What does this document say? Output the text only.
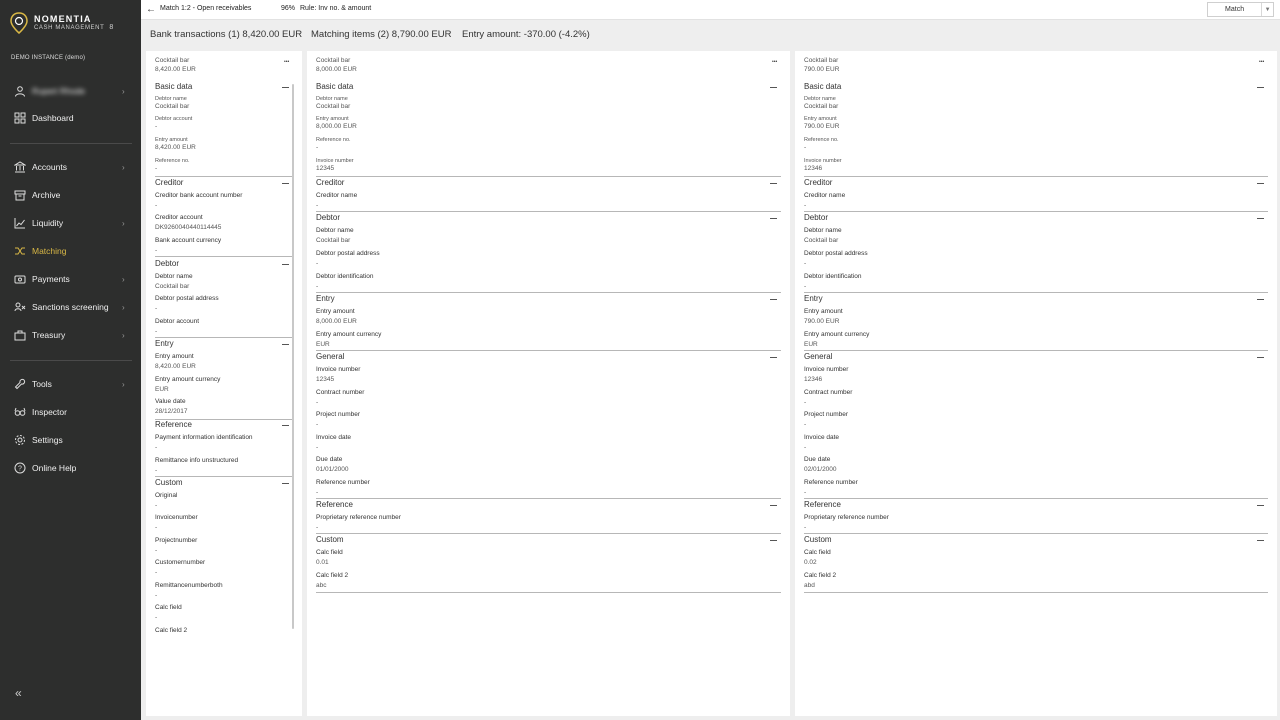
NOMENTIA
CASH MANAGEMENT 8
DEMO INSTANCE (demo)
Rupert Rhode	›
Dashboard
Accounts	›
Archive
Liquidity	›
Matching
Payments	›
Sanctions screening ›
Treasury	›
Tools	›
Inspector
Settings
? Online Help
«
← Match 1:2 - Open receivables	96% Rule: Inv no. & amount	Match	▼
Bank transactions (1) 8,420.00 EUR Matching items (2) 8,790.00 EUR Entry amount: -370.00 (-4.2%)
Cocktail bar
8,420.00 EUR
•••
Basic data
Debtor name
Cocktail bar
Debtor account
-
Entry amount
8,420.00 EUR
Reference no.
-
Creditor
Creditor bank account number
-
Creditor account
DK9260040440114445
Bank account currency
-
Debtor
Debtor name
Cocktail bar
Debtor postal address
-
Debtor account
-
Entry
Entry amount
8,420.00 EUR
Entry amount currency
EUR
Value date
28/12/2017
Reference
Payment information identification
-
Remittance info unstructured
-
Custom
Original
-
Invoicenumber
-
Projectnumber
-
Customernumber
-
Remittancenumberboth
-
Calc field
-
Calc field 2
Cocktail bar
8,000.00 EUR
•••
Basic data
Debtor name
Cocktail bar
Entry amount
8,000.00 EUR
Reference no.
-
Invoice number
12345
Creditor
Creditor name
-
Debtor
Debtor name
Cocktail bar
Debtor postal address
-
Debtor identification
-
Entry
Entry amount
8,000.00 EUR
Entry amount currency
EUR
General
Invoice number
12345
Contract number
-
Project number
-
Invoice date
-
Due date
01/01/2000
Reference number
-
Reference
Proprietary reference number
-
Custom
Calc field
0.01
Calc field 2
abc
Cocktail bar
790.00 EUR
•••
Basic data
Debtor name
Cocktail bar
Entry amount
790.00 EUR
Reference no.
-
Invoice number
12346
Creditor
Creditor name
-
Debtor
Debtor name
Cocktail bar
Debtor postal address
-
Debtor identification
-
Entry
Entry amount
790.00 EUR
Entry amount currency
EUR
General
Invoice number
12346
Contract number
-
Project number
-
Invoice date
-
Due date
02/01/2000
Reference number
-
Reference
Proprietary reference number
-
Custom
Calc field
0.02
Calc field 2
abd
